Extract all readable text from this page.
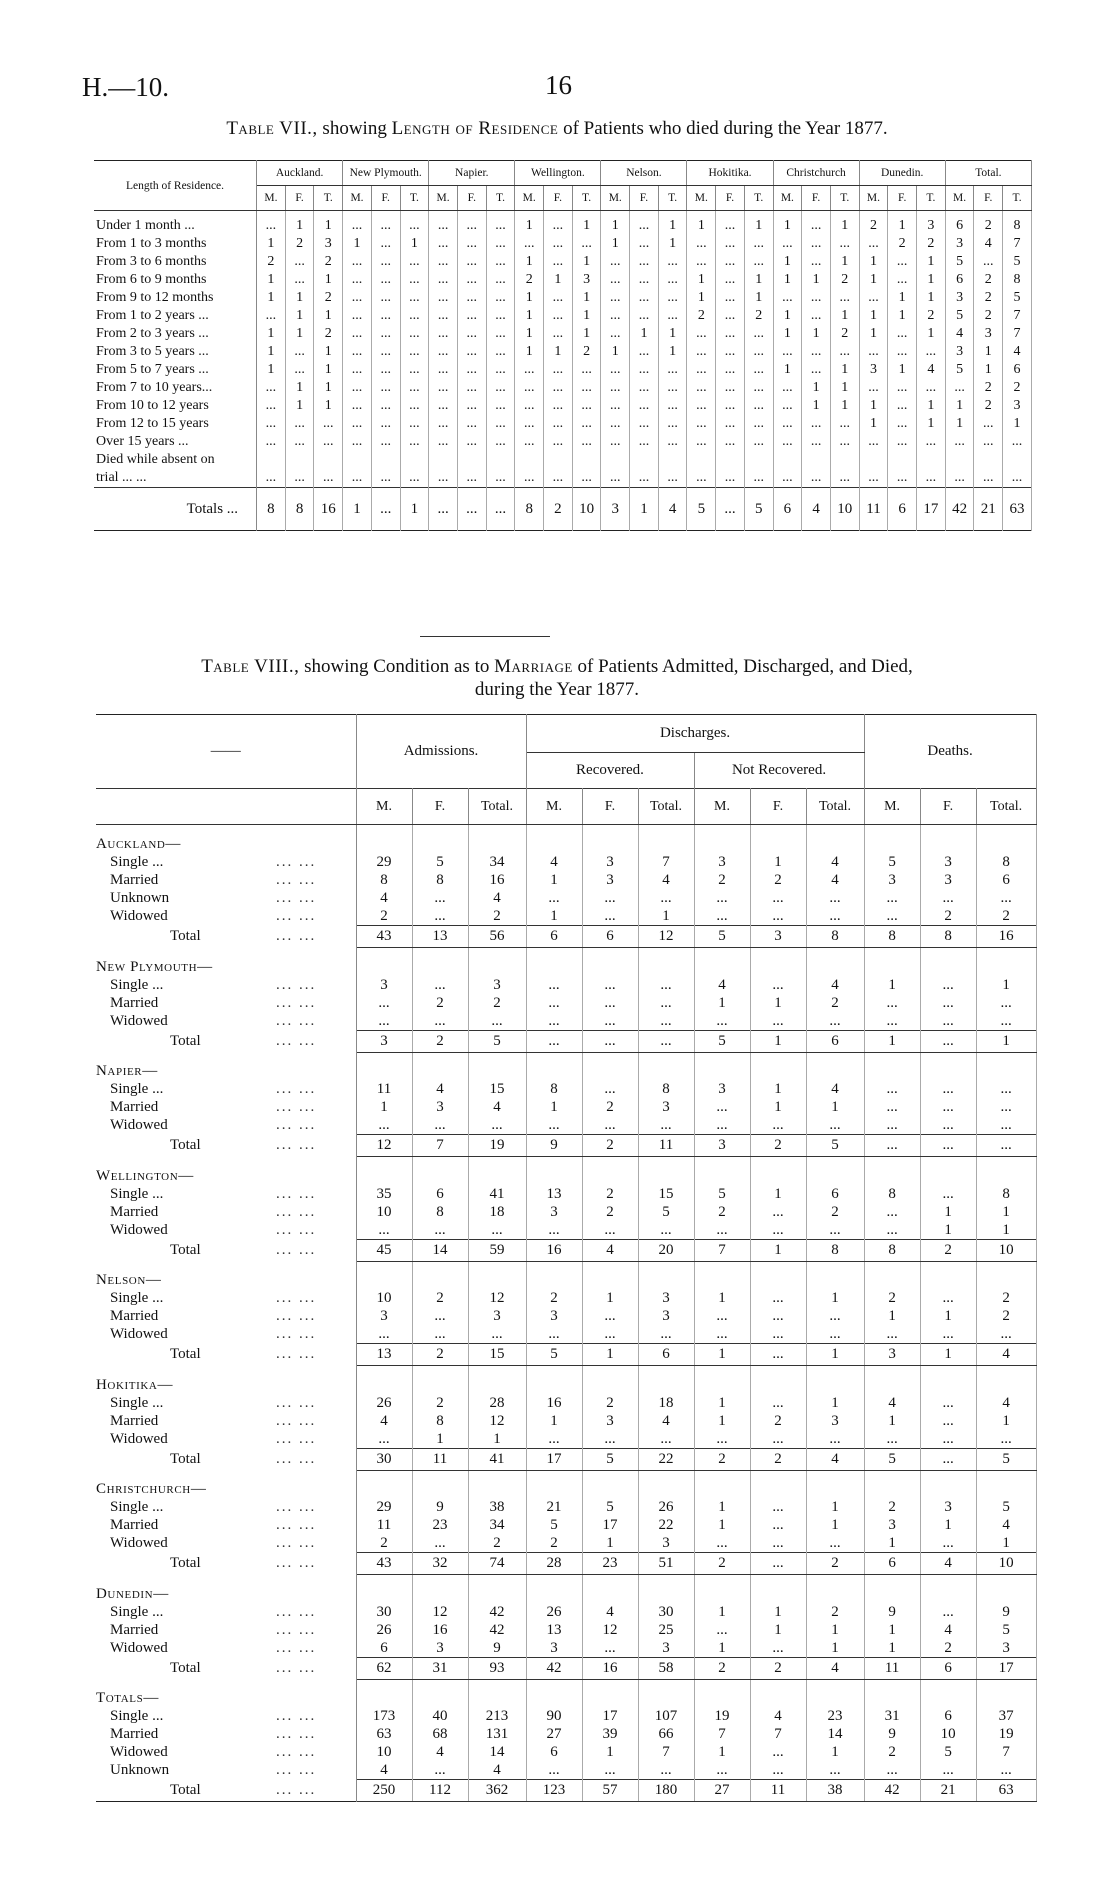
H.—10.	16
Table VII., showing Length of Residence of Patients who died during the Year 1877.
Length of Residence.	Auckland.			New Plymouth.			Napier.			Wellington.			Nelson.			Hokitika.			Christchurch			Dunedin.			Total.		
	M.	F.	T.	M.	F.	T.	M.	F.	T.	M.	F.	T.	M.	F.	T.	M.	F.	T.	M.	F.	T.	M.	F.	T.	M.	F.	T.
Under 1 month ...	...	1	1	...	...	...	...	...	...	1	...	1	1	...	1	1	...	1	1	...	1	2	1	3	6	2	8
From 1 to 3 months	1	2	3	1	...	1	...	...	...	...	...	...	1	...	1	...	...	...	...	...	...	...	2	2	3	4	7
From 3 to 6 months	2	...	2	...	...	...	...	...	...	1	...	1	...	...	...	...	...	...	1	...	1	1	...	1	5	...	5
From 6 to 9 months	1	...	1	...	...	...	...	...	...	2	1	3	...	...	...	1	...	1	1	1	2	1	...	1	6	2	8
From 9 to 12 months	1	1	2	...	...	...	...	...	...	1	...	1	...	...	...	1	...	1	...	...	...	...	1	1	3	2	5
From 1 to 2 years ...	...	1	1	...	...	...	...	...	...	1	...	1	...	...	...	2	...	2	1	...	1	1	1	2	5	2	7
From 2 to 3 years ...	1	1	2	...	...	...	...	...	...	1	...	1	...	1	1	...	...	...	1	1	2	1	...	1	4	3	7
From 3 to 5 years ...	1	...	1	...	...	...	...	...	...	1	1	2	1	...	1	...	...	...	...	...	...	...	...	...	3	1	4
From 5 to 7 years ...	1	...	1	...	...	...	...	...	...	...	...	...	...	...	...	...	...	...	1	...	1	3	1	4	5	1	6
From 7 to 10 years...	...	1	1	...	...	...	...	...	...	...	...	...	...	...	...	...	...	...	...	1	1	...	...	...	...	2	2
From 10 to 12 years	...	1	1	...	...	...	...	...	...	...	...	...	...	...	...	...	...	...	...	1	1	1	...	1	1	2	3
From 12 to 15 years	...	...	...	...	...	...	...	...	...	...	...	...	...	...	...	...	...	...	...	...	...	1	...	1	1	...	1
Over 15 years ...	...	...	...	...	...	...	...	...	...	...	...	...	...	...	...	...	...	...	...	...	...	...	...	...	...	...	...
Died while absent on																											
trial ... ...	...	...	...	...	...	...	...	...	...	...	...	...	...	...	...	...	...	...	...	...	...	...	...	...	...	...	...
Totals ...	8	8	16	1	...	1	...	...	...	8	2	10	3	1	4	5	...	5	6	4	10	11	6	17	42	21	63
Table VIII., showing Condition as to Marriage of Patients Admitted, Discharged, and Died,
during the Year 1877.
——	Admissions.			Discharges.						Deaths.		
				Recovered.			Not Recovered.					
	M.	F.	Total.	M.	F.	Total.	M.	F.	Total.	M.	F.	Total.
Auckland—												
Single ... ... ...	29	5	34	4	3	7	3	1	4	5	3	8
Married ... ...	8	8	16	1	3	4	2	2	4	3	3	6
Unknown ... ...	4	...	4	...	...	...	...	...	...	...	...	...
Widowed ... ...	2	...	2	1	...	1	...	...	...	...	2	2
Total ... ...	43	13	56	6	6	12	5	3	8	8	8	16
New Plymouth—												
Single ... ... ...	3	...	3	...	...	...	4	...	4	1	...	1
Married ... ...	...	2	2	...	...	...	1	1	2	...	...	...
Widowed ... ...	...	...	...	...	...	...	...	...	...	...	...	...
Total ... ...	3	2	5	...	...	...	5	1	6	1	...	1
Napier—												
Single ... ... ...	11	4	15	8	...	8	3	1	4	...	...	...
Married ... ...	1	3	4	1	2	3	...	1	1	...	...	...
Widowed ... ...	...	...	...	...	...	...	...	...	...	...	...	...
Total ... ...	12	7	19	9	2	11	3	2	5	...	...	...
Wellington—												
Single ... ... ...	35	6	41	13	2	15	5	1	6	8	...	8
Married ... ...	10	8	18	3	2	5	2	...	2	...	1	1
Widowed ... ...	...	...	...	...	...	...	...	...	...	...	1	1
Total ... ...	45	14	59	16	4	20	7	1	8	8	2	10
Nelson—												
Single ... ... ...	10	2	12	2	1	3	1	...	1	2	...	2
Married ... ...	3	...	3	3	...	3	...	...	...	1	1	2
Widowed ... ...	...	...	...	...	...	...	...	...	...	...	...	...
Total ... ...	13	2	15	5	1	6	1	...	1	3	1	4
Hokitika—												
Single ... ... ...	26	2	28	16	2	18	1	...	1	4	...	4
Married ... ...	4	8	12	1	3	4	1	2	3	1	...	1
Widowed ... ...	...	1	1	...	...	...	...	...	...	...	...	...
Total ... ...	30	11	41	17	5	22	2	2	4	5	...	5
Christchurch—												
Single ... ... ...	29	9	38	21	5	26	1	...	1	2	3	5
Married ... ...	11	23	34	5	17	22	1	...	1	3	1	4
Widowed ... ...	2	...	2	2	1	3	...	...	...	1	...	1
Total ... ...	43	32	74	28	23	51	2	...	2	6	4	10
Dunedin—												
Single ... ... ...	30	12	42	26	4	30	1	1	2	9	...	9
Married ... ...	26	16	42	13	12	25	...	1	1	1	4	5
Widowed ... ...	6	3	9	3	...	3	1	...	1	1	2	3
Total ... ...	62	31	93	42	16	58	2	2	4	11	6	17
Totals—												
Single ... ... ...	173	40	213	90	17	107	19	4	23	31	6	37
Married ... ...	63	68	131	27	39	66	7	7	14	9	10	19
Widowed ... ...	10	4	14	6	1	7	1	...	1	2	5	7
Unknown ... ...	4	...	4	...	...	...	...	...	...	...	...	...
Total ... ...	250	112	362	123	57	180	27	11	38	42	21	63
